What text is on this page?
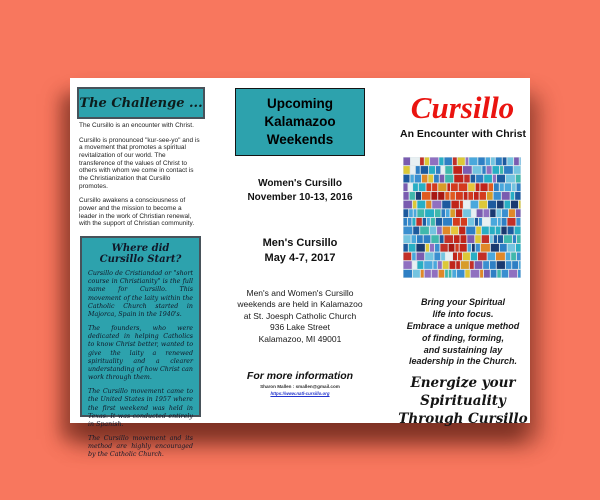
The Challenge ...

The Cursillo is an encounter with Christ.

Cursillo is pronounced "kur-see-yo" and is a movement that promotes a spiritual revitalization of our world. The transference of the values of Christ to others with whom we come in contact is the Christianization that Cursillo promotes.

Cursillo awakens a consciousness of power and the mission to become a leader in the work of Christian renewal, with the support of Christian community.

Where did Cursillo Start?

Cursillo de Cristiandad or "short course in Christianity" is the full name for Cursillo. This movement of the laity within the Catholic Church started in Majorca, Spain in the 1940's.

The founders, who were dedicated in helping Catholics to know Christ better, wanted to give the laity a renewed spirituality and a clearer understanding of how Christ can work through them.

The Cursillo movement came to the United States in 1957 where the first weekend was held in Texas. It was conducted entirely in Spanish.

The Cursillo movement and its method are highly encouraged by the Catholic Church.

Upcoming
Kalamazoo
Weekends
Women's Cursillo
November 10-13, 2016
Men's Cursillo
May 4-7, 2017
Men's and Women's Cursillo
weekends are held in Kalamazoo
at St. Joesph Catholic Church
936 Lake Street
Kalamazoo, MI 49001
For more information
Sharon Mallen : smallen@gmail.com
https://www.natl-cursillo.org
Cursillo
An Encounter with Christ
Bring your Spiritual
life into focus.
Embrace a unique method
of finding, forming,
and sustaining lay
leadership in the Church.
Energize your Spirituality
Through Cursillo
